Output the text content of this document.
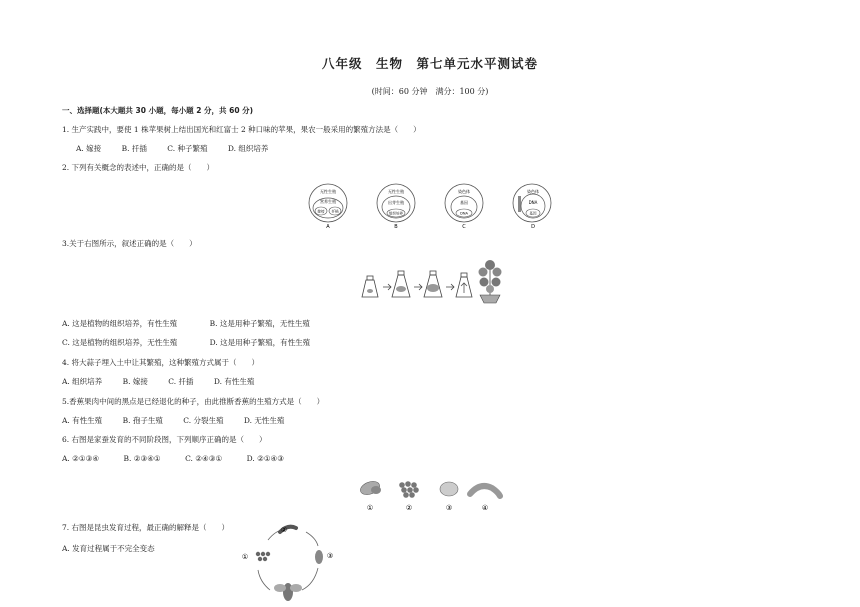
八年级　生物　第七单元水平测试卷
(时间：60 分钟　满分：100 分)
一、选择题(本大题共 30 小题，每小题 2 分，共 60 分)
1. 生产实践中，要使 1 株苹果树上结出国光和红富士 2 种口味的苹果，果农一般采用的繁殖方法是（　　）
A. 嫁接	B. 扦插	C. 种子繁殖	D. 组织培养
2. 下列有关概念的表述中，正确的是（　　）
无性生殖
营养生殖
嫁接 扦插
A
无性生殖
出芽生殖
组织培养
B
染色体
基因
DNA
C
染色体
DNA
基因
D
3.关于右图所示，叙述正确的是（　　）
A. 这是植物的组织培养，有性生殖	B. 这是用种子繁殖，无性生殖
C. 这是植物的组织培养，无性生殖	D. 这是用种子繁殖，有性生殖
4. 将大蒜子埋入土中让其繁殖，这种繁殖方式属于（　　）
A. 组织培养	B. 嫁接	C. 扦插	D. 有性生殖
5.香蕉果肉中间的黑点是已经退化的种子，由此推断香蕉的生殖方式是（　　）
A. 有性生殖	B. 孢子生殖	C. 分裂生殖	D. 无性生殖
6. 右图是家蚕发育的不同阶段图，下列顺序正确的是（　　）
A. ②①③④	B. ②③④①	C. ②④③①	D. ②①④③
①	②	③	④
7. 右图是昆虫发育过程，最正确的解释是（　　）
A. 发育过程属于不完全变态
②
③
①
